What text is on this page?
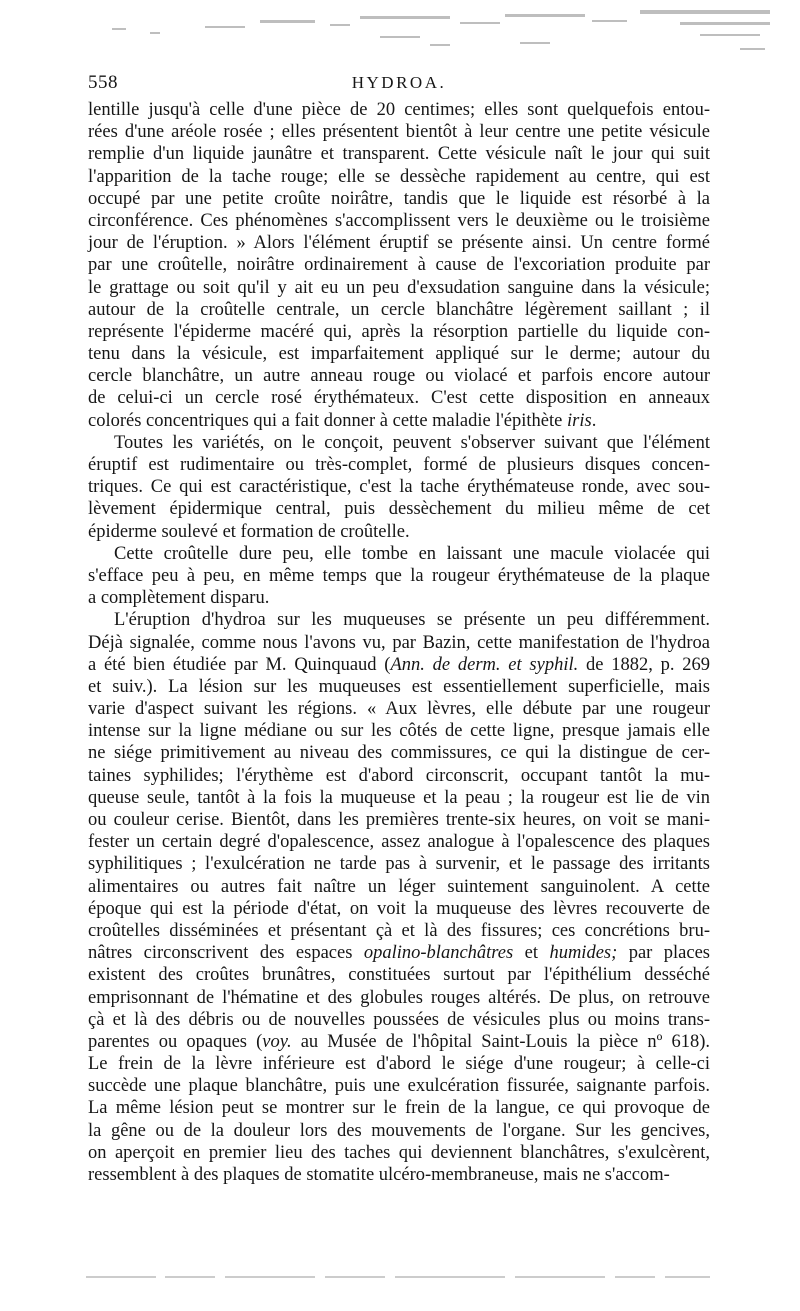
558	HYDROA.
lentille jusqu'à celle d'une pièce de 20 centimes; elles sont quelquefois entou-
rées d'une aréole rosée ; elles présentent bientôt à leur centre une petite vésicule
remplie d'un liquide jaunâtre et transparent. Cette vésicule naît le jour qui suit
l'apparition de la tache rouge; elle se dessèche rapidement au centre, qui est
occupé par une petite croûte noirâtre, tandis que le liquide est résorbé à la
circonférence. Ces phénomènes s'accomplissent vers le deuxième ou le troisième
jour de l'éruption. » Alors l'élément éruptif se présente ainsi. Un centre formé
par une croûtelle, noirâtre ordinairement à cause de l'excoriation produite par
le grattage ou soit qu'il y ait eu un peu d'exsudation sanguine dans la vésicule;
autour de la croûtelle centrale, un cercle blanchâtre légèrement saillant ; il
représente l'épiderme macéré qui, après la résorption partielle du liquide con-
tenu dans la vésicule, est imparfaitement appliqué sur le derme; autour du
cercle blanchâtre, un autre anneau rouge ou violacé et parfois encore autour
de celui-ci un cercle rosé érythémateux. C'est cette disposition en anneaux
colorés concentriques qui a fait donner à cette maladie l'épithète iris.
Toutes les variétés, on le conçoit, peuvent s'observer suivant que l'élément
éruptif est rudimentaire ou très-complet, formé de plusieurs disques concen-
triques. Ce qui est caractéristique, c'est la tache érythémateuse ronde, avec sou-
lèvement épidermique central, puis dessèchement du milieu même de cet
épiderme soulevé et formation de croûtelle.
Cette croûtelle dure peu, elle tombe en laissant une macule violacée qui
s'efface peu à peu, en même temps que la rougeur érythémateuse de la plaque
a complètement disparu.
L'éruption d'hydroa sur les muqueuses se présente un peu différemment.
Déjà signalée, comme nous l'avons vu, par Bazin, cette manifestation de l'hydroa
a été bien étudiée par M. Quinquaud (Ann. de derm. et syphil. de 1882, p. 269
et suiv.). La lésion sur les muqueuses est essentiellement superficielle, mais
varie d'aspect suivant les régions. « Aux lèvres, elle débute par une rougeur
intense sur la ligne médiane ou sur les côtés de cette ligne, presque jamais elle
ne siége primitivement au niveau des commissures, ce qui la distingue de cer-
taines syphilides; l'érythème est d'abord circonscrit, occupant tantôt la mu-
queuse seule, tantôt à la fois la muqueuse et la peau ; la rougeur est lie de vin
ou couleur cerise. Bientôt, dans les premières trente-six heures, on voit se mani-
fester un certain degré d'opalescence, assez analogue à l'opalescence des plaques
syphilitiques ; l'exulcération ne tarde pas à survenir, et le passage des irritants
alimentaires ou autres fait naître un léger suintement sanguinolent. A cette
époque qui est la période d'état, on voit la muqueuse des lèvres recouverte de
croûtelles disséminées et présentant çà et là des fissures; ces concrétions bru-
nâtres circonscrivent des espaces opalino-blanchâtres et humides; par places
existent des croûtes brunâtres, constituées surtout par l'épithélium desséché
emprisonnant de l'hématine et des globules rouges altérés. De plus, on retrouve
çà et là des débris ou de nouvelles poussées de vésicules plus ou moins trans-
parentes ou opaques (voy. au Musée de l'hôpital Saint-Louis la pièce nº 618).
Le frein de la lèvre inférieure est d'abord le siége d'une rougeur; à celle-ci
succède une plaque blanchâtre, puis une exulcération fissurée, saignante parfois.
La même lésion peut se montrer sur le frein de la langue, ce qui provoque de
la gêne ou de la douleur lors des mouvements de l'organe. Sur les gencives,
on aperçoit en premier lieu des taches qui deviennent blanchâtres, s'exulcèrent,
ressemblent à des plaques de stomatite ulcéro-membraneuse, mais ne s'accom-
